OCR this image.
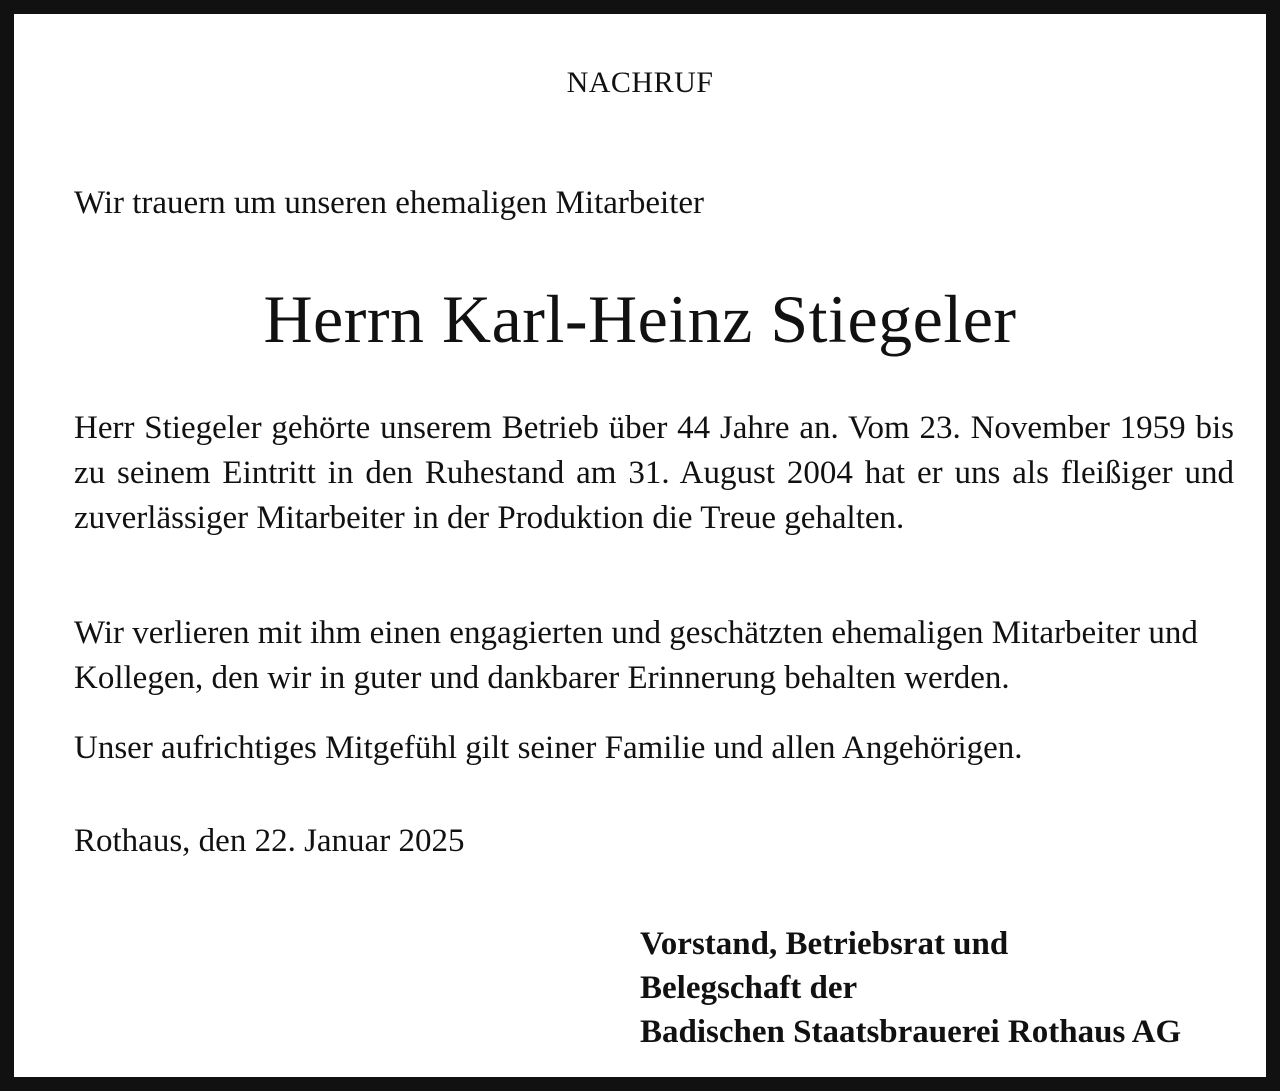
NACHRUF
Wir trauern um unseren ehemaligen Mitarbeiter
Herrn Karl-Heinz Stiegeler

Herr Stiegeler gehörte unserem Betrieb über 44 Jahre an. Vom 23. November 1959 bis zu seinem Eintritt in den Ruhestand am 31. August 2004 hat er uns als fleißiger und zuverlässiger Mitarbeiter in der Produktion die Treue gehalten.

Wir verlieren mit ihm einen engagierten und geschätzten ehemaligen Mitarbeiter und Kollegen, den wir in guter und dankbarer Erinnerung behalten werden.

Unser aufrichtiges Mitgefühl gilt seiner Familie und allen Angehörigen.

Rothaus, den 22. Januar 2025
Vorstand, Betriebsrat und
Belegschaft der
Badischen Staatsbrauerei Rothaus AG
